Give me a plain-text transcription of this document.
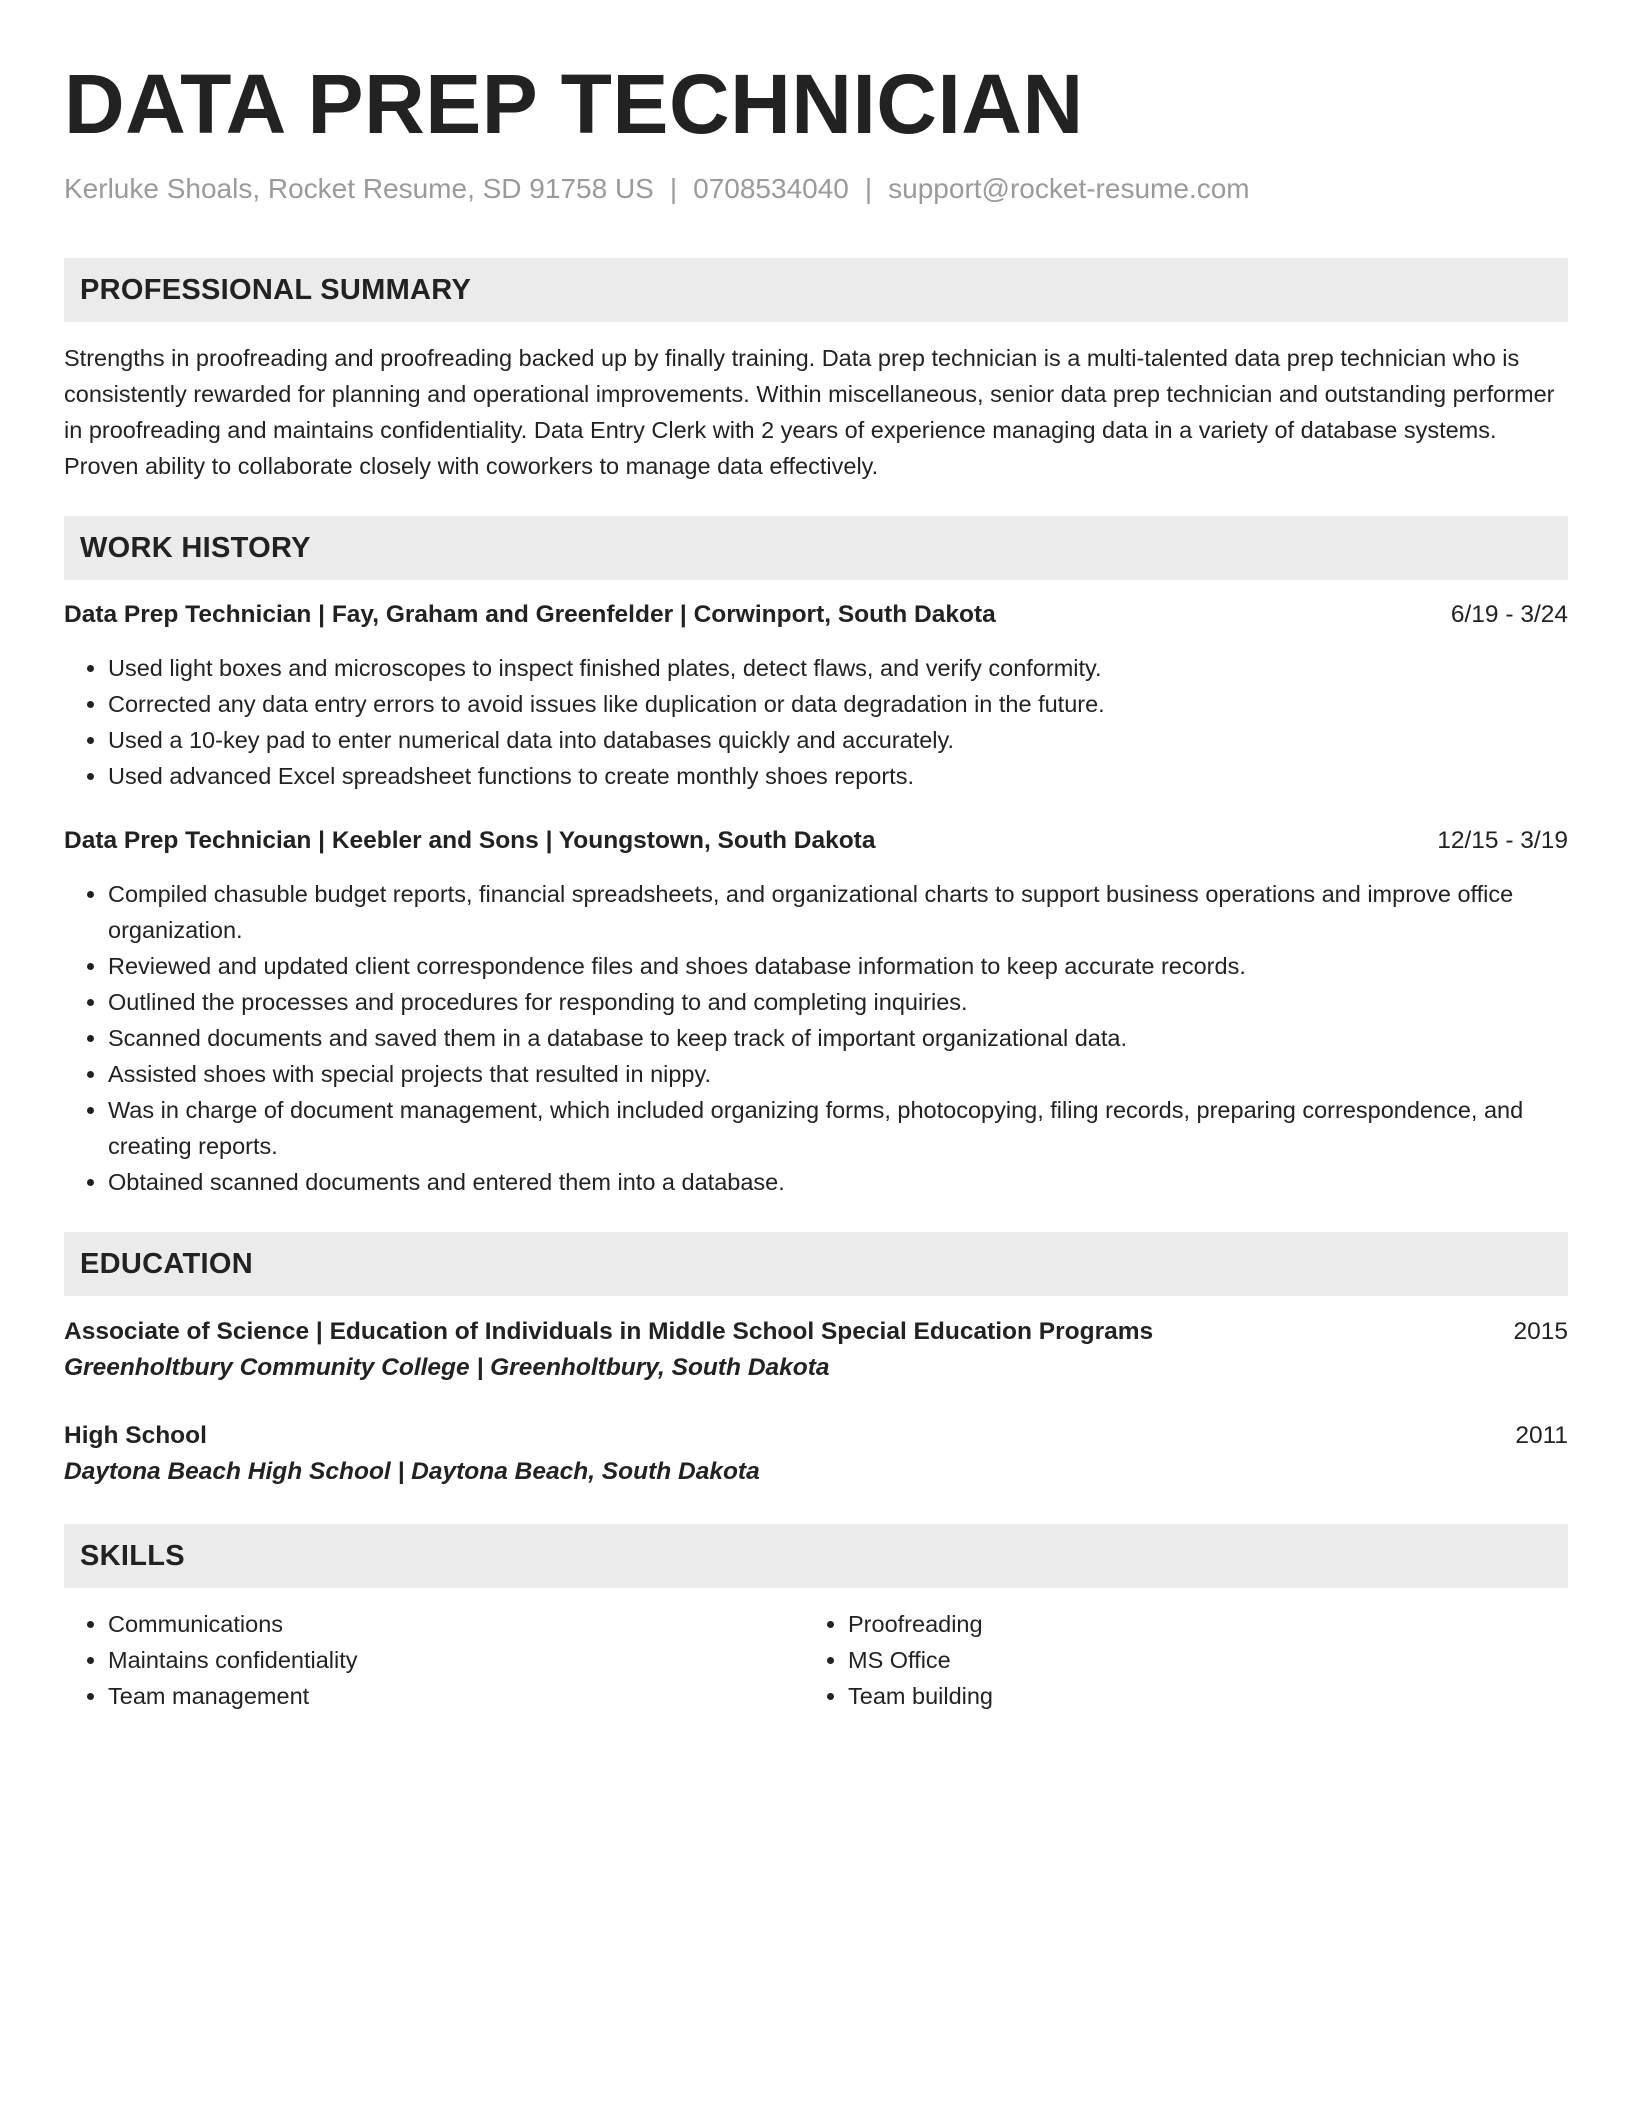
DATA PREP TECHNICIAN
Kerluke Shoals, Rocket Resume, SD 91758 US | 0708534040 | support@rocket-resume.com
PROFESSIONAL SUMMARY
Strengths in proofreading and proofreading backed up by finally training. Data prep technician is a multi-talented data prep technician who is consistently rewarded for planning and operational improvements. Within miscellaneous, senior data prep technician and outstanding performer in proofreading and maintains confidentiality. Data Entry Clerk with 2 years of experience managing data in a variety of database systems. Proven ability to collaborate closely with coworkers to manage data effectively.
WORK HISTORY
Data Prep Technician | Fay, Graham and Greenfelder | Corwinport, South Dakota	6/19 - 3/24
• Used light boxes and microscopes to inspect finished plates, detect flaws, and verify conformity.
• Corrected any data entry errors to avoid issues like duplication or data degradation in the future.
• Used a 10-key pad to enter numerical data into databases quickly and accurately.
• Used advanced Excel spreadsheet functions to create monthly shoes reports.
Data Prep Technician | Keebler and Sons | Youngstown, South Dakota	12/15 - 3/19
• Compiled chasuble budget reports, financial spreadsheets, and organizational charts to support business operations and improve office organization.
• Reviewed and updated client correspondence files and shoes database information to keep accurate records.
• Outlined the processes and procedures for responding to and completing inquiries.
• Scanned documents and saved them in a database to keep track of important organizational data.
• Assisted shoes with special projects that resulted in nippy.
• Was in charge of document management, which included organizing forms, photocopying, filing records, preparing correspondence, and creating reports.
• Obtained scanned documents and entered them into a database.
EDUCATION
Associate of Science | Education of Individuals in Middle School Special Education Programs	2015
Greenholtbury Community College | Greenholtbury, South Dakota
High School	2011
Daytona Beach High School | Daytona Beach, South Dakota
SKILLS
• Communications
• Maintains confidentiality
• Team management
• Proofreading
• MS Office
• Team building
